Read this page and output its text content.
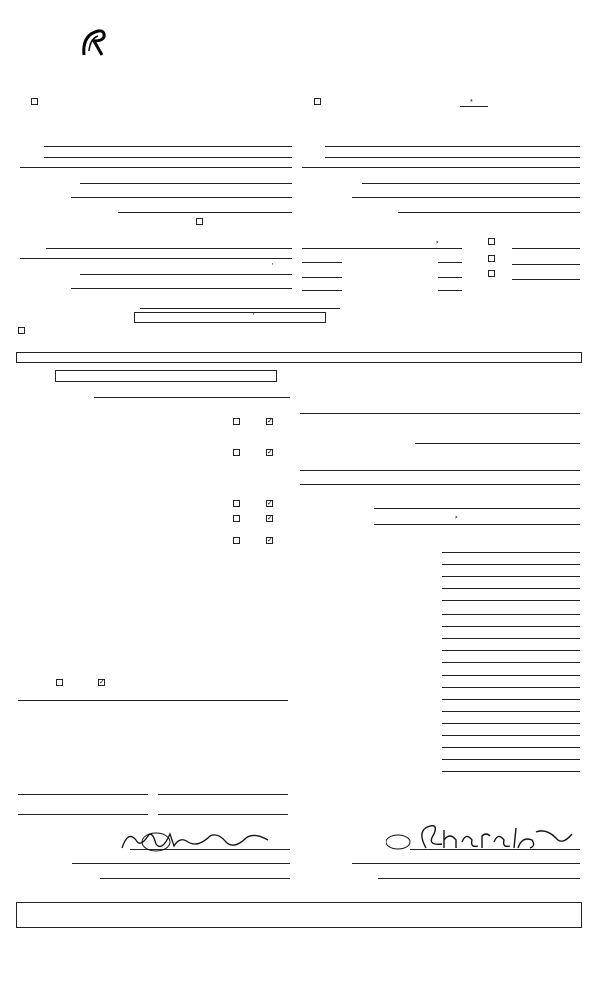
*
′
⸗
′
✓
✓
✓
✓
✓
✓
⸗
